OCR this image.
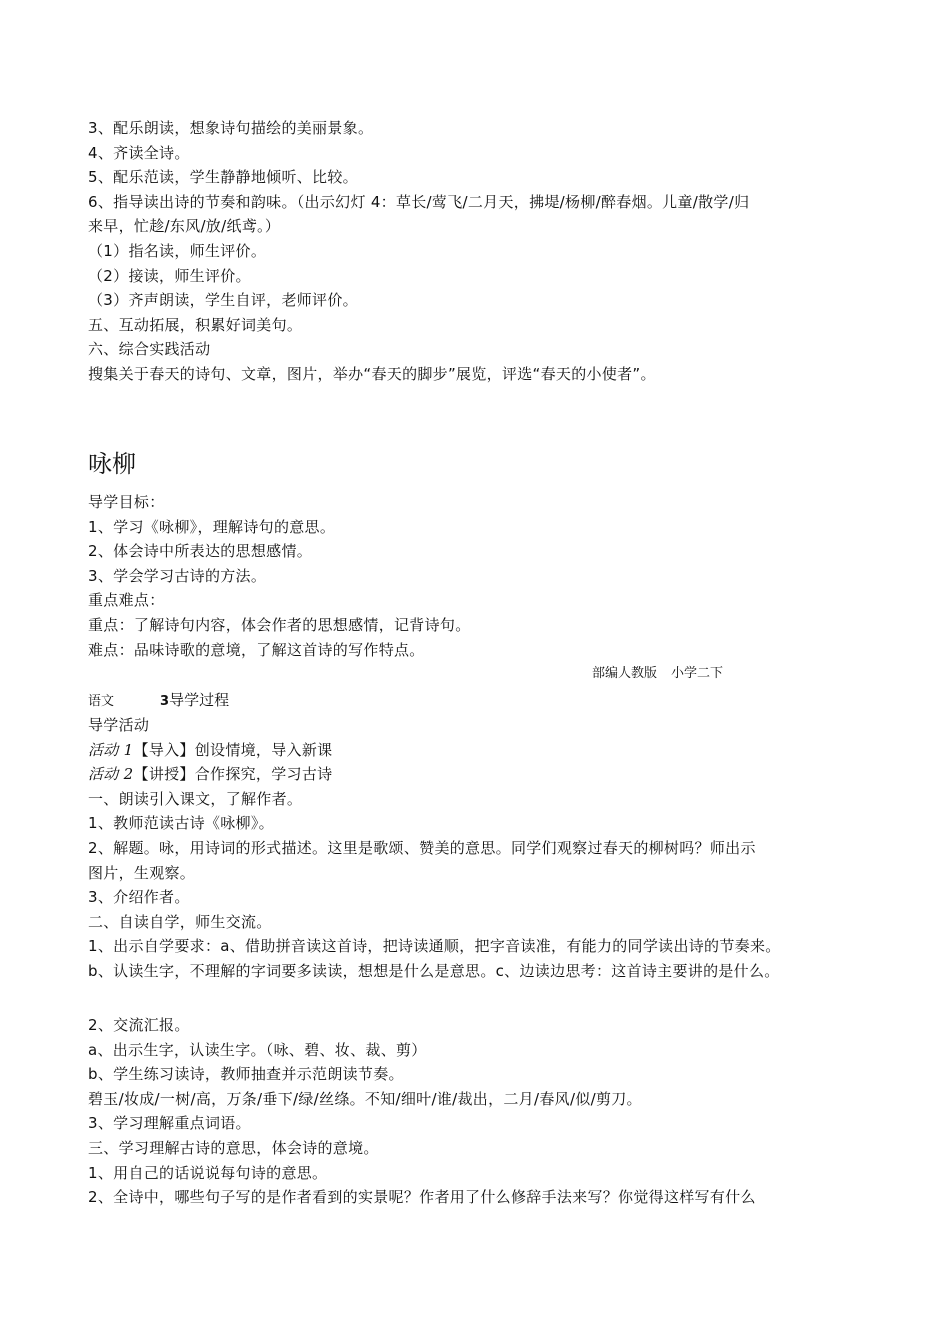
3、配乐朗读，想象诗句描绘的美丽景象。
4、齐读全诗。
5、配乐范读，学生静静地倾听、比较。
6、指导读出诗的节奏和韵味。（出示幻灯 4：草长/莺飞/二月天，拂堤/杨柳/醉春烟。儿童/散学/归
来早，忙趁/东风/放/纸鸢。）
（1）指名读，师生评价。
（2）接读，师生评价。
（3）齐声朗读，学生自评，老师评价。
五、互动拓展，积累好词美句。
六、综合实践活动
搜集关于春天的诗句、文章，图片，举办“春天的脚步”展览，评选“春天的小使者”。
咏柳
导学目标：
1、学习《咏柳》，理解诗句的意思。
2、体会诗中所表达的思想感情。
3、学会学习古诗的方法。
重点难点：
重点：了解诗句内容，体会作者的思想感情，记背诗句。
难点：品味诗歌的意境，了解这首诗的写作特点。
部编人教版 小学二下
语文	3导学过程
导学活动
活动 1【导入】创设情境，导入新课
活动 2【讲授】合作探究，学习古诗
一、朗读引入课文，了解作者。
1、教师范读古诗《咏柳》。
2、解题。咏，用诗词的形式描述。这里是歌颂、赞美的意思。同学们观察过春天的柳树吗？师出示
图片，生观察。
3、介绍作者。
二、自读自学，师生交流。
1、出示自学要求：a、借助拼音读这首诗，把诗读通顺，把字音读准，有能力的同学读出诗的节奏来。
b、认读生字，不理解的字词要多读读，想想是什么是意思。c、边读边思考：这首诗主要讲的是什么。
2、交流汇报。
a、出示生字，认读生字。（咏、碧、妆、裁、剪）
b、学生练习读诗，教师抽查并示范朗读节奏。
碧玉/妆成/一树/高，万条/垂下/绿/丝绦。不知/细叶/谁/裁出，二月/春风/似/剪刀。
3、学习理解重点词语。
三、学习理解古诗的意思，体会诗的意境。
1、用自己的话说说每句诗的意思。
2、全诗中，哪些句子写的是作者看到的实景呢？作者用了什么修辞手法来写？你觉得这样写有什么
